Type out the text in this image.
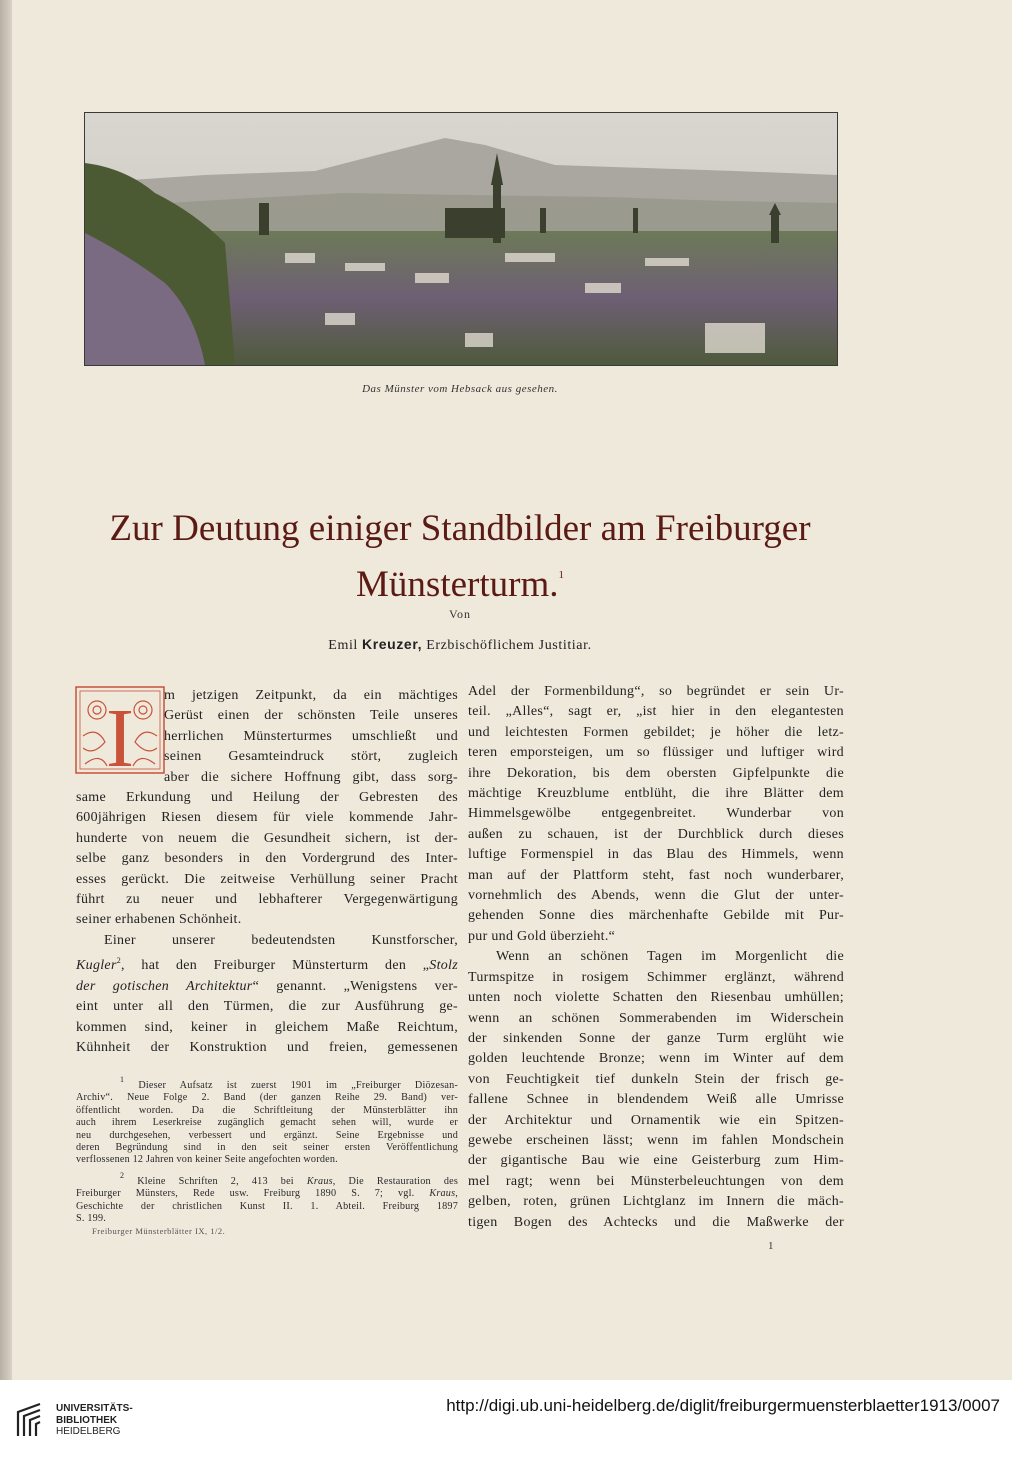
Das Münster vom Hebsack aus gesehen.
Zur Deutung einiger Standbilder am Freiburger
Münsterturm.$^1$
Von
Emil Kreuzer, Erzbischöflichem Justitiar.
I m jetzigen Zeitpunkt, da ein mächtiges
Gerüst einen der schönsten Teile unseres
herrlichen Münsterturmes umschließt und
seinen Gesamteindruck stört, zugleich
aber die sichere Hoffnung gibt, dass sorg-
same Erkundung und Heilung der Gebresten des
600jährigen Riesen diesem für viele kommende Jahr-
hunderte von neuem die Gesundheit sichern, ist der-
selbe ganz besonders in den Vordergrund des Inter-
esses gerückt. Die zeitweise Verhüllung seiner Pracht
führt zu neuer und lebhafterer Vergegenwärtigung
seiner erhabenen Schönheit.
Einer unserer bedeutendsten Kunstforscher,
Kugler$^2$, hat den Freiburger Münsterturm den „Stolz
der gotischen Architektur“ genannt. „Wenigstens ver-
eint unter all den Türmen, die zur Ausführung ge-
kommen sind, keiner in gleichem Maße Reichtum,
Kühnheit der Konstruktion und freien, gemessenen
$^1$ Dieser Aufsatz ist zuerst 1901 im „Freiburger Diözesan-
Archiv“. Neue Folge 2. Band (der ganzen Reihe 29. Band) ver-
öffentlicht worden. Da die Schriftleitung der Münsterblätter ihn
auch ihrem Leserkreise zugänglich gemacht sehen will, wurde er
neu durchgesehen, verbessert und ergänzt. Seine Ergebnisse und
deren Begründung sind in den seit seiner ersten Veröffentlichung
verflossenen 12 Jahren von keiner Seite angefochten worden.
$^2$ Kleine Schriften 2, 413 bei Kraus, Die Restauration des
Freiburger Münsters, Rede usw. Freiburg 1890 S. 7; vgl. Kraus,
Geschichte der christlichen Kunst II. 1. Abteil. Freiburg 1897
S. 199.
Freiburger Münsterblätter IX, 1/2.
Adel der Formenbildung“, so begründet er sein Ur-
teil. „Alles“, sagt er, „ist hier in den elegantesten
und leichtesten Formen gebildet; je höher die letz-
teren emporsteigen, um so flüssiger und luftiger wird
ihre Dekoration, bis dem obersten Gipfelpunkte die
mächtige Kreuzblume entblüht, die ihre Blätter dem
Himmelsgewölbe entgegenbreitet. Wunderbar von
außen zu schauen, ist der Durchblick durch dieses
luftige Formenspiel in das Blau des Himmels, wenn
man auf der Plattform steht, fast noch wunderbarer,
vornehmlich des Abends, wenn die Glut der unter-
gehenden Sonne dies märchenhafte Gebilde mit Pur-
pur und Gold überzieht.“
Wenn an schönen Tagen im Morgenlicht die
Turmspitze in rosigem Schimmer erglänzt, während
unten noch violette Schatten den Riesenbau umhüllen;
wenn an schönen Sommerabenden im Widerschein
der sinkenden Sonne der ganze Turm erglüht wie
golden leuchtende Bronze; wenn im Winter auf dem
von Feuchtigkeit tief dunkeln Stein der frisch ge-
fallene Schnee in blendendem Weiß alle Umrisse
der Architektur und Ornamentik wie ein Spitzen-
gewebe erscheinen lässt; wenn im fahlen Mondschein
der gigantische Bau wie eine Geisterburg zum Him-
mel ragt; wenn bei Münsterbeleuchtungen von dem
gelben, roten, grünen Lichtglanz im Innern die mäch-
tigen Bogen des Achtecks und die Maßwerke der
1
UNIVERSITÄTS-
BIBLIOTHEK
HEIDELBERG
http://digi.ub.uni-heidelberg.de/diglit/freiburgermuensterblaetter1913/0007
